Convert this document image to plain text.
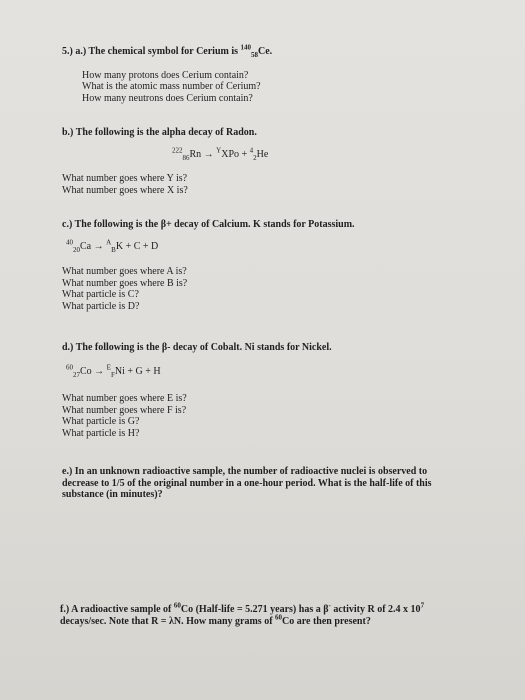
5.) a.) The chemical symbol for Cerium is $^{140}_{58}$Ce.
How many protons does Cerium contain?
What is the atomic mass number of Cerium?
How many neutrons does Cerium contain?
b.) The following is the alpha decay of Radon.
$^{222}_{86}$Rn → $^Y$XPo + $^4_2$He
What number goes where Y is?
What number goes where X is?
c.) The following is the β+ decay of Calcium. K stands for Potassium.
$^{40}_{20}$Ca → $^A_B$K + C + D
What number goes where A is?
What number goes where B is?
What particle is C?
What particle is D?
d.) The following is the β- decay of Cobalt. Ni stands for Nickel.
$^{60}_{27}$Co → $^E_F$Ni + G + H
What number goes where E is?
What number goes where F is?
What particle is G?
What particle is H?
e.) In an unknown radioactive sample, the number of radioactive nuclei is observed to
decrease to 1/5 of the original number in a one-hour period. What is the half-life of this
substance (in minutes)?
f.) A radioactive sample of $^{60}$Co (Half-life = 5.271 years) has a β- activity R of 2.4 x $10^7$
decays/sec. Note that R = λN. How many grams of $^{60}$Co are then present?
